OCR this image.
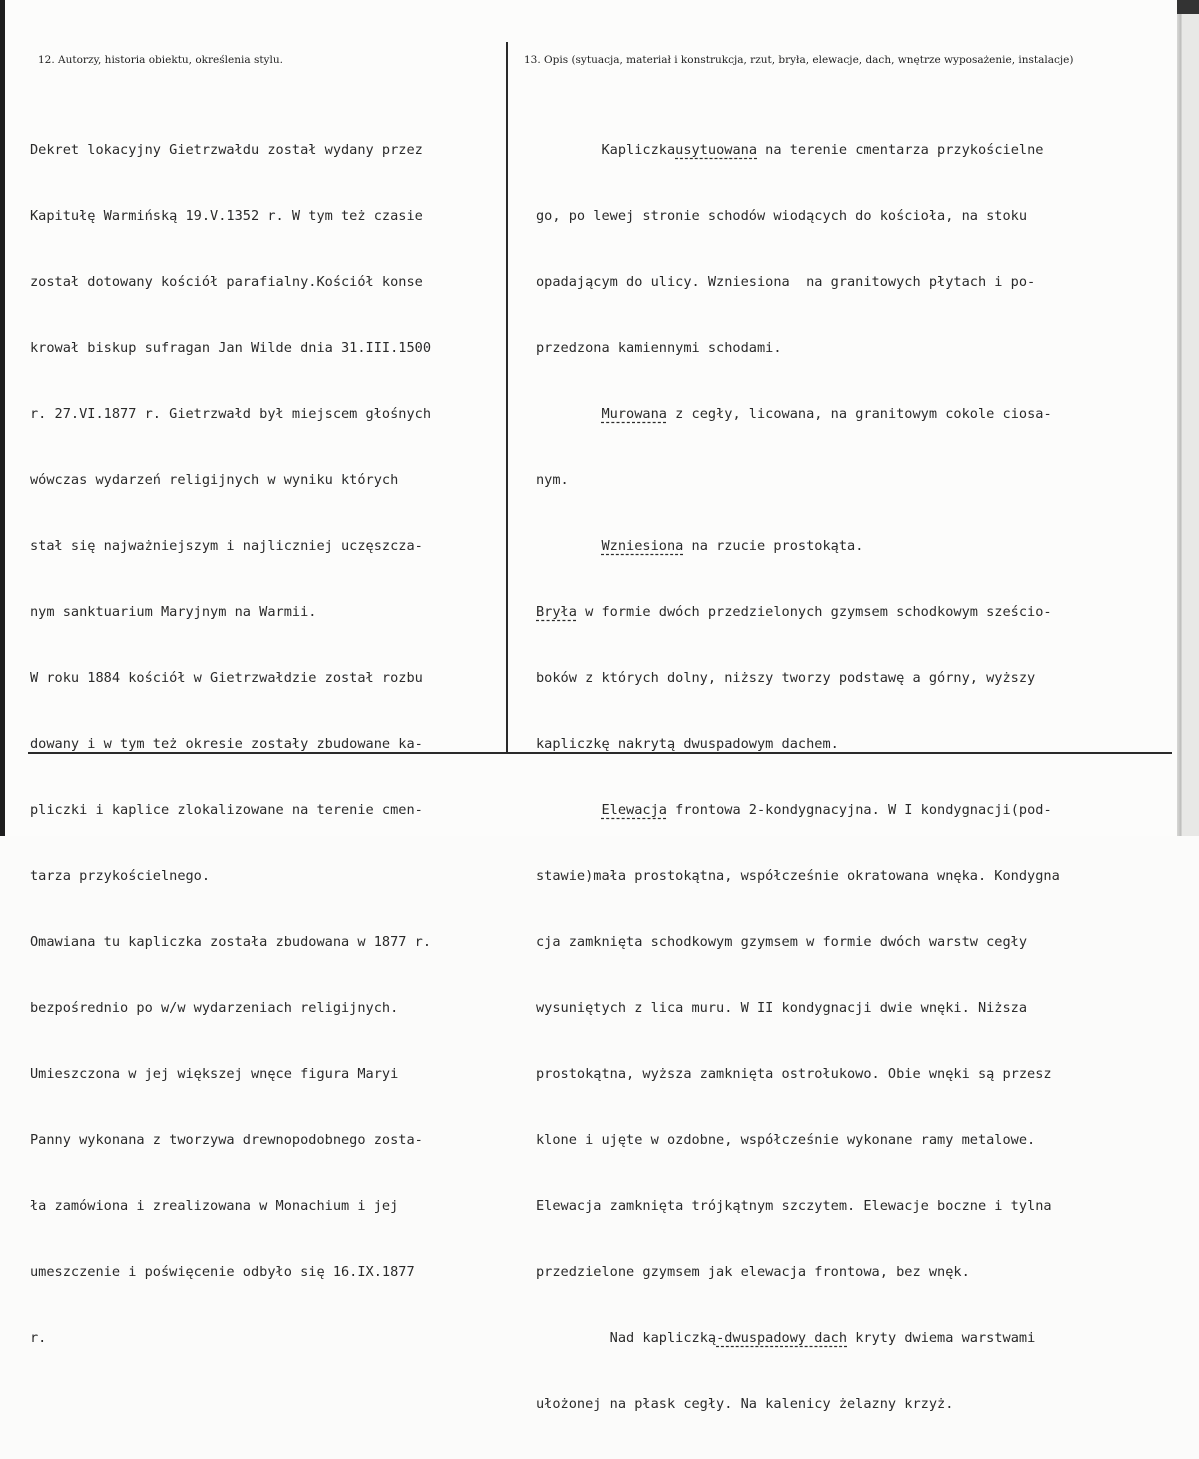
12. Autorzy, historia obiektu, określenia stylu.	13. Opis (sytuacja, materiał i konstrukcja, rzut, bryła, elewacje, dach, wnętrze wyposażenie, instalacje)

Dekret lokacyjny Gietrzwałdu został wydany przez

Kapitułę Warmińską 19.V.1352 r. W tym też czasie

został dotowany kościół parafialny.Kościół konse

krował biskup sufragan Jan Wilde dnia 31.III.1500

r. 27.VI.1877 r. Gietrzwałd był miejscem głośnych

wówczas wydarzeń religijnych w wyniku których

stał się najważniejszym i najliczniej uczęszcza-

nym sanktuarium Maryjnym na Warmii.

W roku 1884 kościół w Gietrzwałdzie został rozbu

dowany i w tym też okresie zostały zbudowane ka-

pliczki i kaplice zlokalizowane na terenie cmen-

tarza przykościelnego.

Omawiana tu kapliczka została zbudowana w 1877 r.

bezpośrednio po w/w wydarzeniach religijnych.

Umieszczona w jej większej wnęce figura Maryi

Panny wykonana z tworzywa drewnopodobnego zosta-

ła zamówiona i zrealizowana w Monachium i jej

umeszczenie i poświęcenie odbyło się 16.IX.1877

r.

Kapliczkausytuowana na terenie cmentarza przykościelne

go, po lewej stronie schodów wiodących do kościoła, na stoku

opadającym do ulicy. Wzniesiona  na granitowych płytach i po-

przedzona kamiennymi schodami.

Murowana z cegły, licowana, na granitowym cokole ciosa-

nym.

Wzniesiona na rzucie prostokąta.

Bryła w formie dwóch przedzielonych gzymsem schodkowym sześcio-

boków z których dolny, niższy tworzy podstawę a górny, wyższy

kapliczkę nakrytą dwuspadowym dachem.

Elewacja frontowa 2-kondygnacyjna. W I kondygnacji(pod-

stawie)mała prostokątna, współcześnie okratowana wnęka. Kondygna

cja zamknięta schodkowym gzymsem w formie dwóch warstw cegły

wysuniętych z lica muru. W II kondygnacji dwie wnęki. Niższa

prostokątna, wyższa zamknięta ostrołukowo. Obie wnęki są przesz

klone i ujęte w ozdobne, współcześnie wykonane ramy metalowe.

Elewacja zamknięta trójkątnym szczytem. Elewacje boczne i tylna

przedzielone gzymsem jak elewacja frontowa, bez wnęk.

Nad kapliczką-dwuspadowy dach kryty dwiema warstwami

ułożonej na płask cegły. Na kalenicy żelazny krzyż.
